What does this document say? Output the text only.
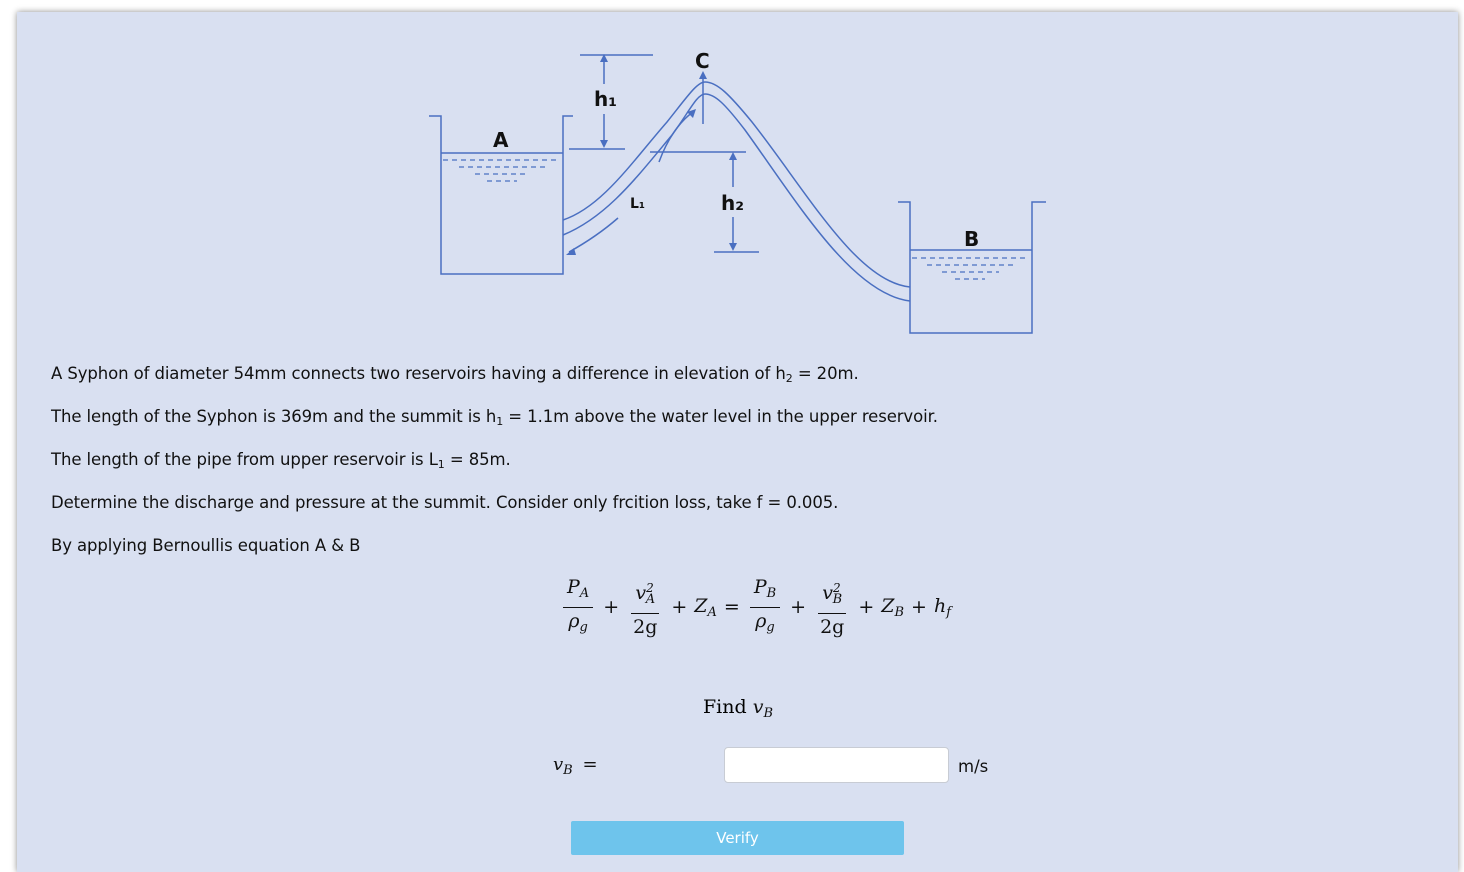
A
B
C
h₁
h₂
L₁
A Syphon of diameter 54mm connects two reservoirs having a difference in elevation of $h_2 = 20m$.
The length of the Syphon is 369m and the summit is $h_1 = 1.1m$ above the water level in the upper reservoir.
The length of the pipe from upper reservoir is $L_1 = 85m$.
Determine the discharge and pressure at the summit. Consider only frcition loss, take f = 0.005.
By applying Bernoullis equation A & B
$\frac{P_A}{\rho_g} + \frac{v^2_A}{2g} + Z_A = \frac{P_B}{\rho_g} + \frac{v^2_B}{2g} + Z_B + h_f$
Find $v_B$
$v_B$ =	m/s
Verify
